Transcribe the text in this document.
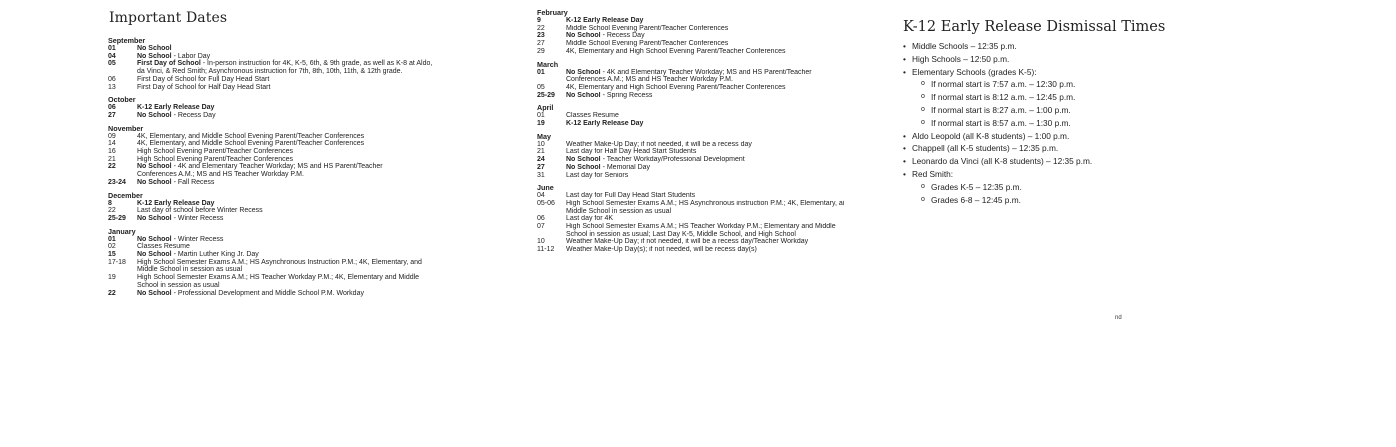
Important Dates
September
01	No School
04	No School - Labor Day
05	First Day of School - In-person instruction for 4K, K-5, 6th, & 9th grade, as well as K-8 at Aldo,
da Vinci, & Red Smith; Asynchronous instruction for 7th, 8th, 10th, 11th, & 12th grade.
06	First Day of School for Full Day Head Start
13	First Day of School for Half Day Head Start
October
06	K-12 Early Release Day
27	No School - Recess Day
November
09	4K, Elementary, and Middle School Evening Parent/Teacher Conferences
14	4K, Elementary, and Middle School Evening Parent/Teacher Conferences
16	High School Evening Parent/Teacher Conferences
21	High School Evening Parent/Teacher Conferences
22	No School - 4K and Elementary Teacher Workday; MS and HS Parent/Teacher
Conferences A.M.; MS and HS Teacher Workday P.M.
23-24	No School - Fall Recess
December
8	K-12 Early Release Day
22	Last day of school before Winter Recess
25-29	No School - Winter Recess
January
01	No School - Winter Recess
02	Classes Resume
15	No School - Martin Luther King Jr. Day
17-18	High School Semester Exams A.M.; HS Asynchronous Instruction P.M.; 4K, Elementary, and
Middle School in session as usual
19	High School Semester Exams A.M.; HS Teacher Workday P.M.; 4K, Elementary and Middle
School in session as usual
22	No School - Professional Development and Middle School P.M. Workday
February
9	K-12 Early Release Day
22	Middle School Evening Parent/Teacher Conferences
23	No School - Recess Day
27	Middle School Evening Parent/Teacher Conferences
29	4K, Elementary and High School Evening Parent/Teacher Conferences
March
01	No School - 4K and Elementary Teacher Workday; MS and HS Parent/Teacher
Conferences A.M.; MS and HS Teacher Workday P.M.
05	4K, Elementary and High School Evening Parent/Teacher Conferences
25-29	No School - Spring Recess
April
01	Classes Resume
19	K-12 Early Release Day
May
10	Weather Make-Up Day; if not needed, it will be a recess day
21	Last day for Half Day Head Start Students
24	No School - Teacher Workday/Professional Development
27	No School - Memorial Day
31	Last day for Seniors
June
04	Last day for Full Day Head Start Students
05-06	High School Semester Exams A.M.; HS Asynchronous instruction P.M.; 4K, Elementary, ai
Middle School in session as usual
06	Last day for 4K
07	High School Semester Exams A.M.; HS Teacher Workday P.M.; Elementary and Middle
School in session as usual; Last Day K-5, Middle School, and High School
10	Weather Make-Up Day; if not needed, it will be a recess day/Teacher Workday
11-12	Weather Make-Up Day(s); if not needed, will be recess day(s)
K-12 Early Release Dismissal Times
• Middle Schools – 12:35 p.m.
• High Schools – 12:50 p.m.
• Elementary Schools (grades K-5):
o If normal start is 7:57 a.m. – 12:30 p.m.
o If normal start is 8:12 a.m. – 12:45 p.m.
o If normal start is 8:27 a.m. – 1:00 p.m.
o If normal start is 8:57 a.m. – 1:30 p.m.
• Aldo Leopold (all K-8 students) – 1:00 p.m.
• Chappell (all K-5 students) – 12:35 p.m.
• Leonardo da Vinci (all K-8 students) – 12:35 p.m.
• Red Smith:
o Grades K-5 – 12:35 p.m.
o Grades 6-8 – 12:45 p.m.
nd
